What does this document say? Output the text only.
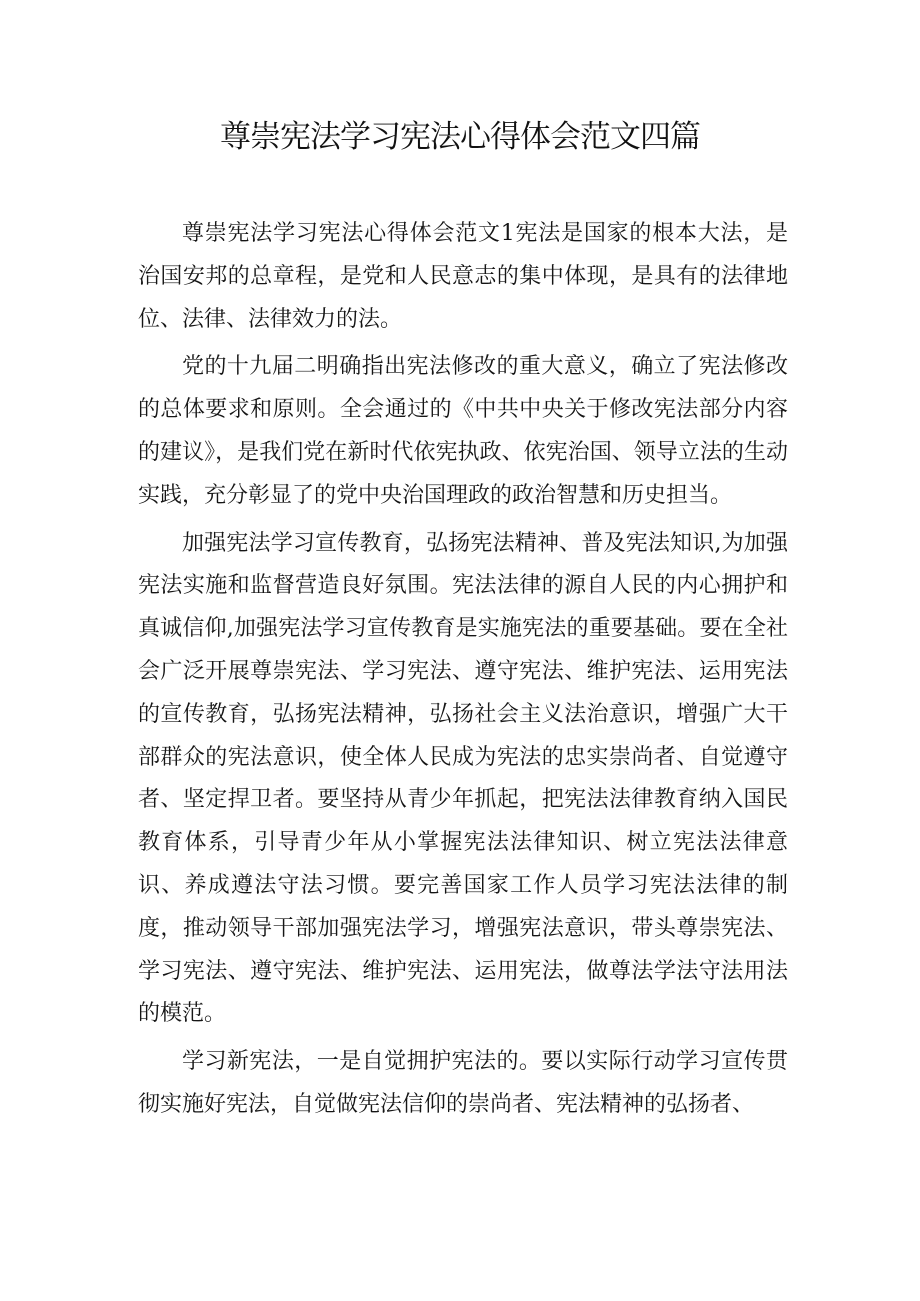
尊崇宪法学习宪法心得体会范文四篇

尊崇宪法学习宪法心得体会范文1宪法是国家的根本大法，是治国安邦的总章程，是党和人民意志的集中体现，是具有的法律地位、法律、法律效力的法。

党的十九届二明确指出宪法修改的重大意义，确立了宪法修改的总体要求和原则。全会通过的《中共中央关于修改宪法部分内容的建议》，是我们党在新时代依宪执政、依宪治国、领导立法的生动实践，充分彰显了的党中央治国理政的政治智慧和历史担当。

加强宪法学习宣传教育，弘扬宪法精神、普及宪法知识,为加强宪法实施和监督营造良好氛围。宪法法律的源自人民的内心拥护和真诚信仰,加强宪法学习宣传教育是实施宪法的重要基础。要在全社会广泛开展尊崇宪法、学习宪法、遵守宪法、维护宪法、运用宪法的宣传教育，弘扬宪法精神，弘扬社会主义法治意识，增强广大干部群众的宪法意识，使全体人民成为宪法的忠实崇尚者、自觉遵守者、坚定捍卫者。要坚持从青少年抓起，把宪法法律教育纳入国民教育体系，引导青少年从小掌握宪法法律知识、树立宪法法律意识、养成遵法守法习惯。要完善国家工作人员学习宪法法律的制度，推动领导干部加强宪法学习，增强宪法意识，带头尊崇宪法、学习宪法、遵守宪法、维护宪法、运用宪法，做尊法学法守法用法的模范。

学习新宪法，一是自觉拥护宪法的。要以实际行动学习宣传贯彻实施好宪法，自觉做宪法信仰的崇尚者、宪法精神的弘扬者、
